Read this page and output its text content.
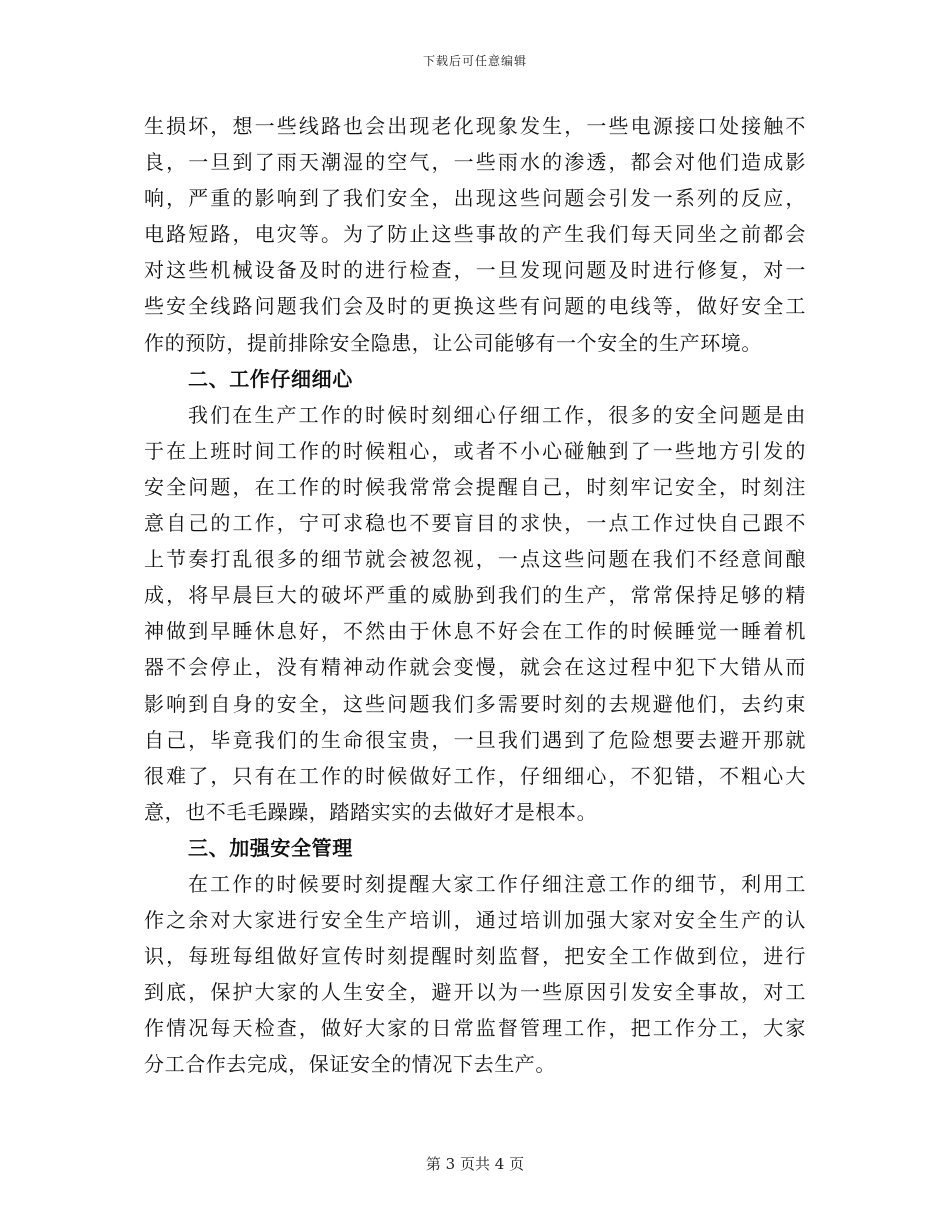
下载后可任意编辑
生损坏，想一些线路也会出现老化现象发生，一些电源接口处接触不
良，一旦到了雨天潮湿的空气，一些雨水的渗透，都会对他们造成影
响，严重的影响到了我们安全，出现这些问题会引发一系列的反应，
电路短路，电灾等。为了防止这些事故的产生我们每天同坐之前都会
对这些机械设备及时的进行检查，一旦发现问题及时进行修复，对一
些安全线路问题我们会及时的更换这些有问题的电线等，做好安全工
作的预防，提前排除安全隐患，让公司能够有一个安全的生产环境。
二、工作仔细细心
我们在生产工作的时候时刻细心仔细工作，很多的安全问题是由
于在上班时间工作的时候粗心，或者不小心碰触到了一些地方引发的
安全问题，在工作的时候我常常会提醒自己，时刻牢记安全，时刻注
意自己的工作，宁可求稳也不要盲目的求快，一点工作过快自己跟不
上节奏打乱很多的细节就会被忽视，一点这些问题在我们不经意间酿
成，将早晨巨大的破坏严重的威胁到我们的生产，常常保持足够的精
神做到早睡休息好，不然由于休息不好会在工作的时候睡觉一睡着机
器不会停止，没有精神动作就会变慢，就会在这过程中犯下大错从而
影响到自身的安全，这些问题我们多需要时刻的去规避他们，去约束
自己，毕竟我们的生命很宝贵，一旦我们遇到了危险想要去避开那就
很难了，只有在工作的时候做好工作，仔细细心，不犯错，不粗心大
意，也不毛毛躁躁，踏踏实实的去做好才是根本。
三、加强安全管理
在工作的时候要时刻提醒大家工作仔细注意工作的细节，利用工
作之余对大家进行安全生产培训，通过培训加强大家对安全生产的认
识，每班每组做好宣传时刻提醒时刻监督，把安全工作做到位，进行
到底，保护大家的人生安全，避开以为一些原因引发安全事故，对工
作情况每天检查，做好大家的日常监督管理工作，把工作分工，大家
分工合作去完成，保证安全的情况下去生产。
第 3 页共 4 页
